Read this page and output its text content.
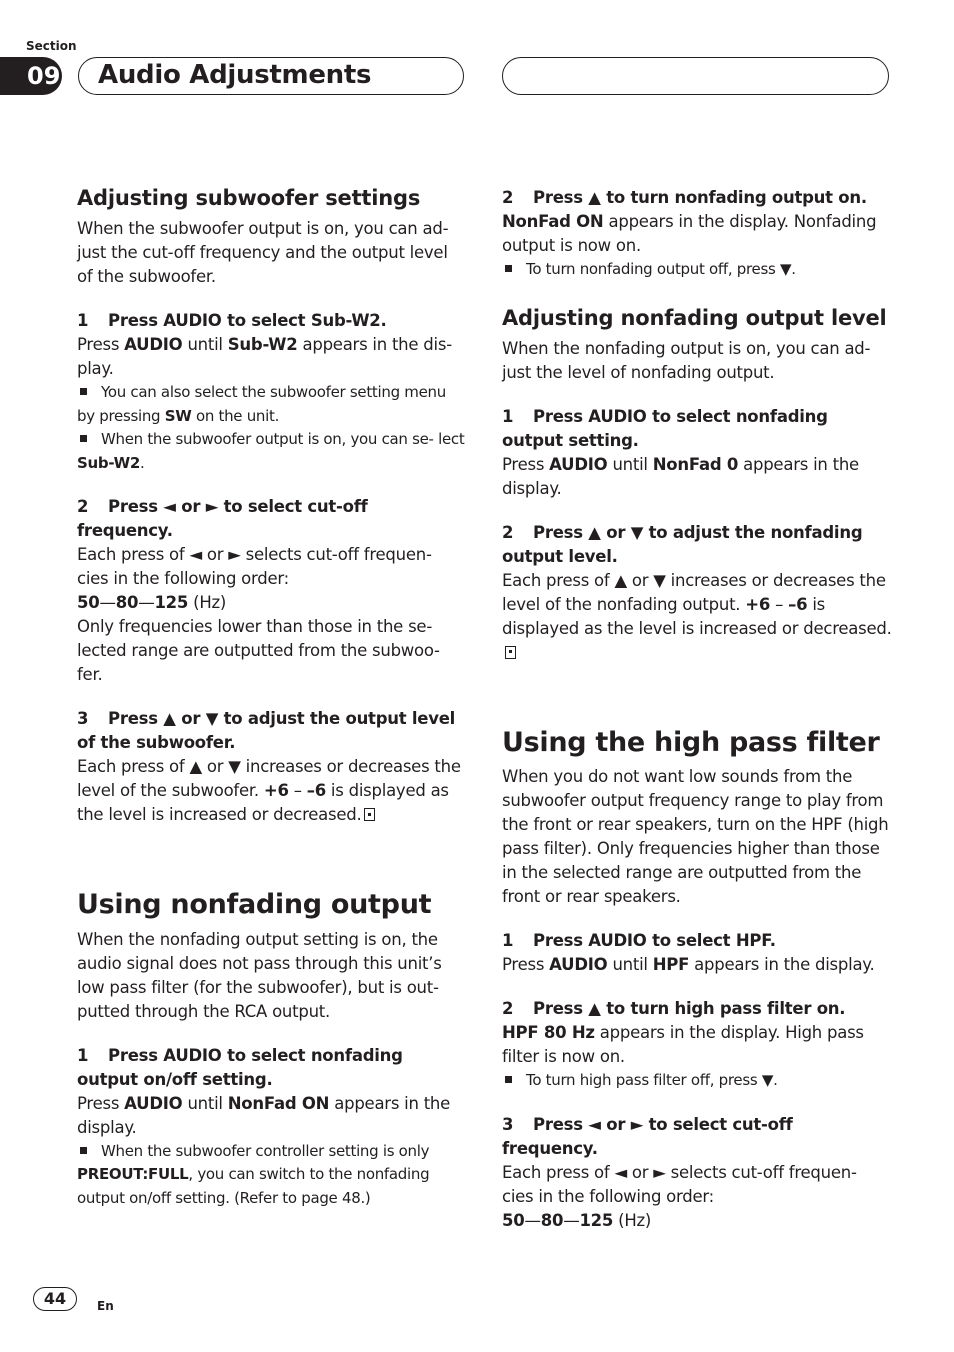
Section
09 Audio Adjustments
Adjusting subwoofer settings

When the subwoofer output is on, you can ad- just the cut-off frequency and the output level of the subwoofer.

1 Press AUDIO to select Sub-W2.

Press AUDIO until Sub-W2 appears in the dis- play.

You can also select the subwoofer setting menu by pressing SW on the unit.

When the subwoofer output is on, you can se- lect Sub-W2.

2 Press ◄ or ► to select cut-off frequency.

Each press of ◄ or ► selects cut-off frequen- cies in the following order:

50—80—125 (Hz)

Only frequencies lower than those in the se- lected range are outputted from the subwoo- fer.

3 Press ▲ or ▼ to adjust the output level of the subwoofer.

Each press of ▲ or ▼ increases or decreases the level of the subwoofer. +6 – –6 is displayed as the level is increased or decreased.

Using nonfading output

When the nonfading output setting is on, the audio signal does not pass through this unit’s low pass filter (for the subwoofer), but is out- putted through the RCA output.

1 Press AUDIO to select nonfading output on/off setting.

Press AUDIO until NonFad ON appears in the display.

When the subwoofer controller setting is only PREOUT:FULL, you can switch to the nonfading output on/off setting. (Refer to page 48.)

2 Press ▲ to turn nonfading output on.

NonFad ON appears in the display. Nonfading output is now on.

To turn nonfading output off, press ▼.

Adjusting nonfading output level

When the nonfading output is on, you can ad- just the level of nonfading output.

1 Press AUDIO to select nonfading output setting.

Press AUDIO until NonFad 0 appears in the display.

2 Press ▲ or ▼ to adjust the nonfading output level.

Each press of ▲ or ▼ increases or decreases the level of the nonfading output. +6 – –6 is displayed as the level is increased or decreased.

Using the high pass filter

When you do not want low sounds from the subwoofer output frequency range to play from the front or rear speakers, turn on the HPF (high pass filter). Only frequencies higher than those in the selected range are outputted from the front or rear speakers.

1 Press AUDIO to select HPF.

Press AUDIO until HPF appears in the display.

2 Press ▲ to turn high pass filter on.

HPF 80 Hz appears in the display. High pass filter is now on.

To turn high pass filter off, press ▼.

3 Press ◄ or ► to select cut-off frequency.

Each press of ◄ or ► selects cut-off frequen- cies in the following order:

50—80—125 (Hz)

44	En
